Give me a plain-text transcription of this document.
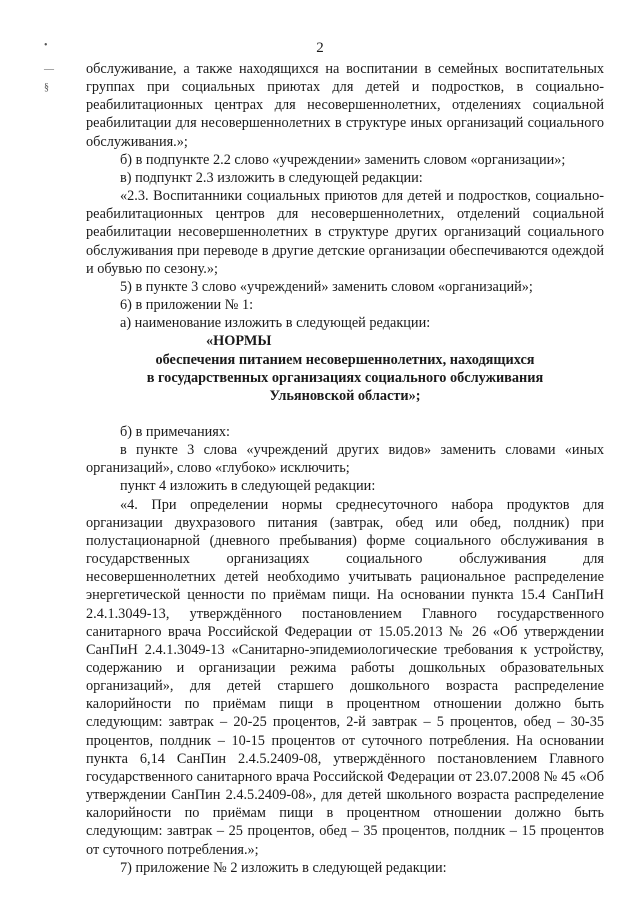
2
•
—
§

обслуживание, а также находящихся на воспитании в семейных воспитательных группах при социальных приютах для детей и подростков, в социально-реабилитационных центрах для несовершеннолетних, отделениях социальной реабилитации для несовершеннолетних в структуре иных организаций социального обслуживания.»;

б) в подпункте 2.2 слово «учреждении» заменить словом «организации»;

в) подпункт 2.3 изложить в следующей редакции:

«2.3. Воспитанники социальных приютов для детей и подростков, социально-реабилитационных центров для несовершеннолетних, отделений социальной реабилитации несовершеннолетних в структуре других организаций социального обслуживания при переводе в другие детские организации обеспечиваются одеждой и обувью по сезону.»;

5) в пункте 3 слово «учреждений» заменить словом «организаций»;

6) в приложении № 1:

а) наименование изложить в следующей редакции:

«НОРМЫ

обеспечения питанием несовершеннолетних, находящихся

в государственных организациях социального обслуживания

Ульяновской области»;

б) в примечаниях:

в пункте 3 слова «учреждений других видов» заменить словами «иных организаций», слово «глубоко» исключить;

пункт 4 изложить в следующей редакции:

«4. При определении нормы среднесуточного набора продуктов для организации двухразового питания (завтрак, обед или обед, полдник) при полустационарной (дневного пребывания) форме социального обслуживания в государственных организациях социального обслуживания для несовершеннолетних детей необходимо учитывать рациональное распределение энергетической ценности по приёмам пищи. На основании пункта 15.4 СанПиН 2.4.1.3049-13, утверждённого постановлением Главного государственного санитарного врача Российской Федерации от 15.05.2013 № 26 «Об утверждении СанПиН 2.4.1.3049-13 «Санитарно-эпидемиологические требования к устройству, содержанию и организации режима работы дошкольных образовательных организаций», для детей старшего дошкольного возраста распределение калорийности по приёмам пищи в процентном отношении должно быть следующим: завтрак – 20-25 процентов, 2-й завтрак – 5 процентов, обед – 30-35 процентов, полдник – 10-15 процентов от суточного потребления. На основании пункта 6,14 СанПин 2.4.5.2409-08, утверждённого постановлением Главного государственного санитарного врача Российской Федерации от 23.07.2008 № 45 «Об утверждении СанПин 2.4.5.2409-08», для детей школьного возраста распределение калорийности по приёмам пищи в процентном отношении должно быть следующим: завтрак – 25 процентов, обед – 35 процентов, полдник – 15 процентов от суточного потребления.»;

7) приложение № 2 изложить в следующей редакции:
